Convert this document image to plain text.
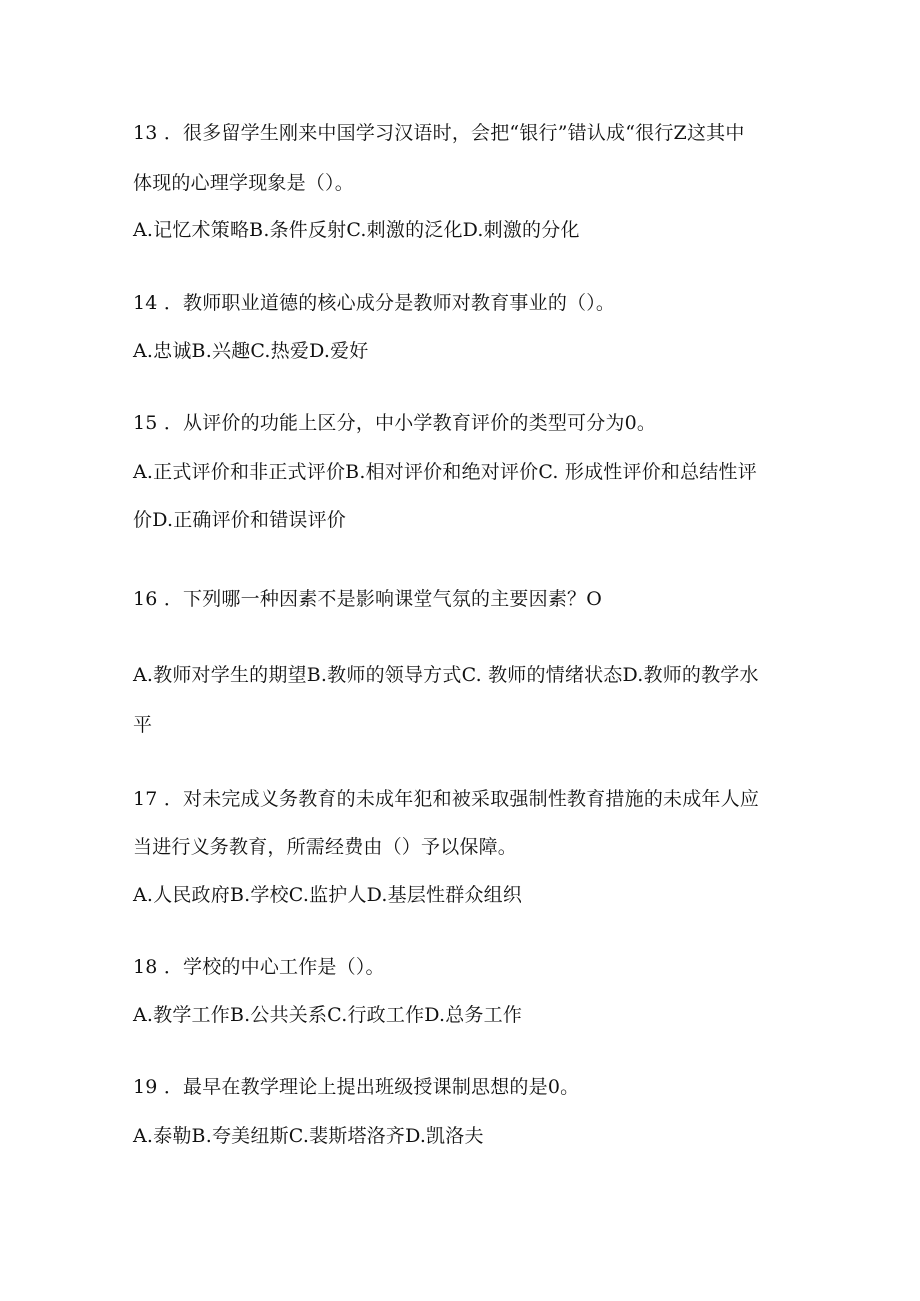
13 ．很多留学生刚来中国学习汉语时，会把“银行”错认成“很行Z这其中
体现的心理学现象是（）。
A.记忆术策略B.条件反射C.刺激的泛化D.刺激的分化
14 ．教师职业道德的核心成分是教师对教育事业的（）。
A.忠诚B.兴趣C.热爱D.爱好
15 ．从评价的功能上区分，中小学教育评价的类型可分为0。
A.正式评价和非正式评价B.相对评价和绝对评价C. 形成性评价和总结性评
价D.正确评价和错误评价
16 ．下列哪一种因素不是影响课堂气氛的主要因素？O
A.教师对学生的期望B.教师的领导方式C. 教师的情绪状态D.教师的教学水
平
17 ．对未完成义务教育的未成年犯和被采取强制性教育措施的未成年人应
当进行义务教育，所需经费由（）予以保障。
A.人民政府B.学校C.监护人D.基层性群众组织
18 ．学校的中心工作是（）。
A.教学工作B.公共关系C.行政工作D.总务工作
19 ．最早在教学理论上提出班级授课制思想的是0。
A.泰勒B.夸美纽斯C.裴斯塔洛齐D.凯洛夫
